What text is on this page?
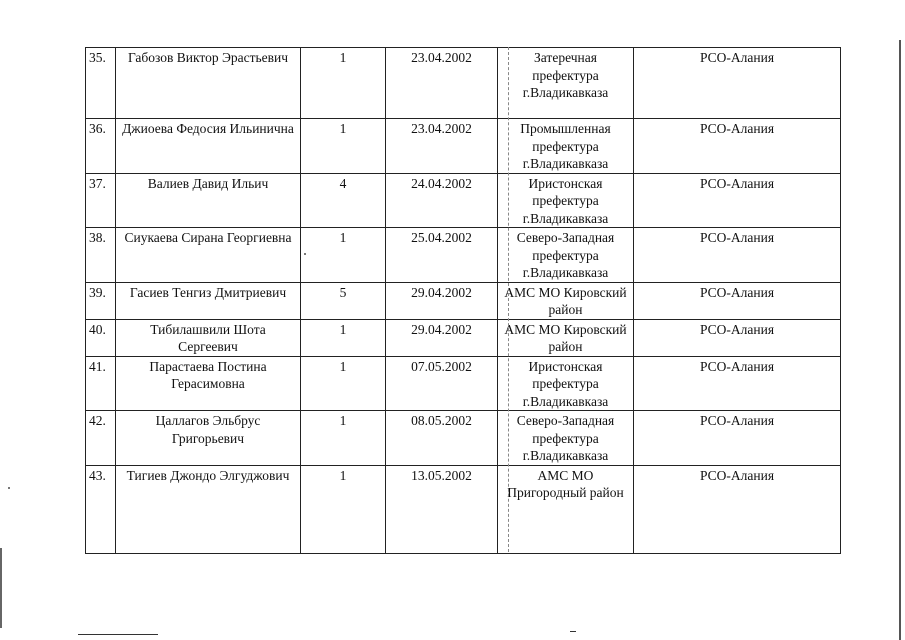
35.	Габозов Виктор Эрастьевич	1	23.04.2002	Затеречная префектура г.Владикавказа	РСО-Алания
36.	Джиоева Федосия Ильинична	1	23.04.2002	Промышленная префектура г.Владикавказа	РСО-Алания
37.	Валиев Давид Ильич	4	24.04.2002	Иристонская префектура г.Владикавказа	РСО-Алания
38.	Сиукаева Сирана Георгиевна	1	25.04.2002	Северо-Западная префектура г.Владикавказа	РСО-Алания
39.	Гасиев Тенгиз Дмитриевич	5	29.04.2002	АМС МО Кировский район	РСО-Алания
40.	Тибилашвили Шота Сергеевич	1	29.04.2002	АМС МО Кировский район	РСО-Алания
41.	Парастаева Постина Герасимовна	1	07.05.2002	Иристонская префектура г.Владикавказа	РСО-Алания
42.	Цаллагов Эльбрус Григорьевич	1	08.05.2002	Северо-Западная префектура г.Владикавказа	РСО-Алания
43.	Тигиев Джондо Элгуджович	1	13.05.2002	АМС МО Пригородный район	РСО-Алания
